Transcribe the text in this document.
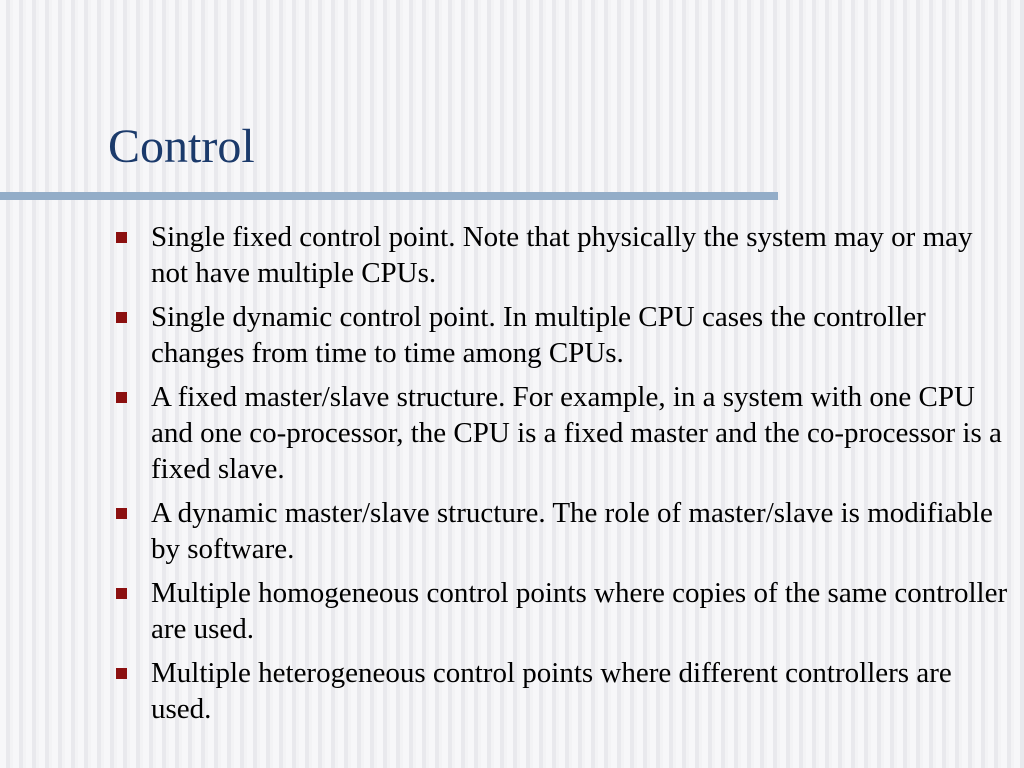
Control
Single fixed control point. Note that physically the system may or may not have multiple CPUs.
Single dynamic control point. In multiple CPU cases the controller changes from time to time among CPUs.
A fixed master/slave structure. For example, in a system with one CPU and one co-processor, the CPU is a fixed master and the co-processor is a fixed slave.
A dynamic master/slave structure. The role of master/slave is modifiable by software.
Multiple homogeneous control points where copies of the same controller are used.
Multiple heterogeneous control points where different controllers are used.
